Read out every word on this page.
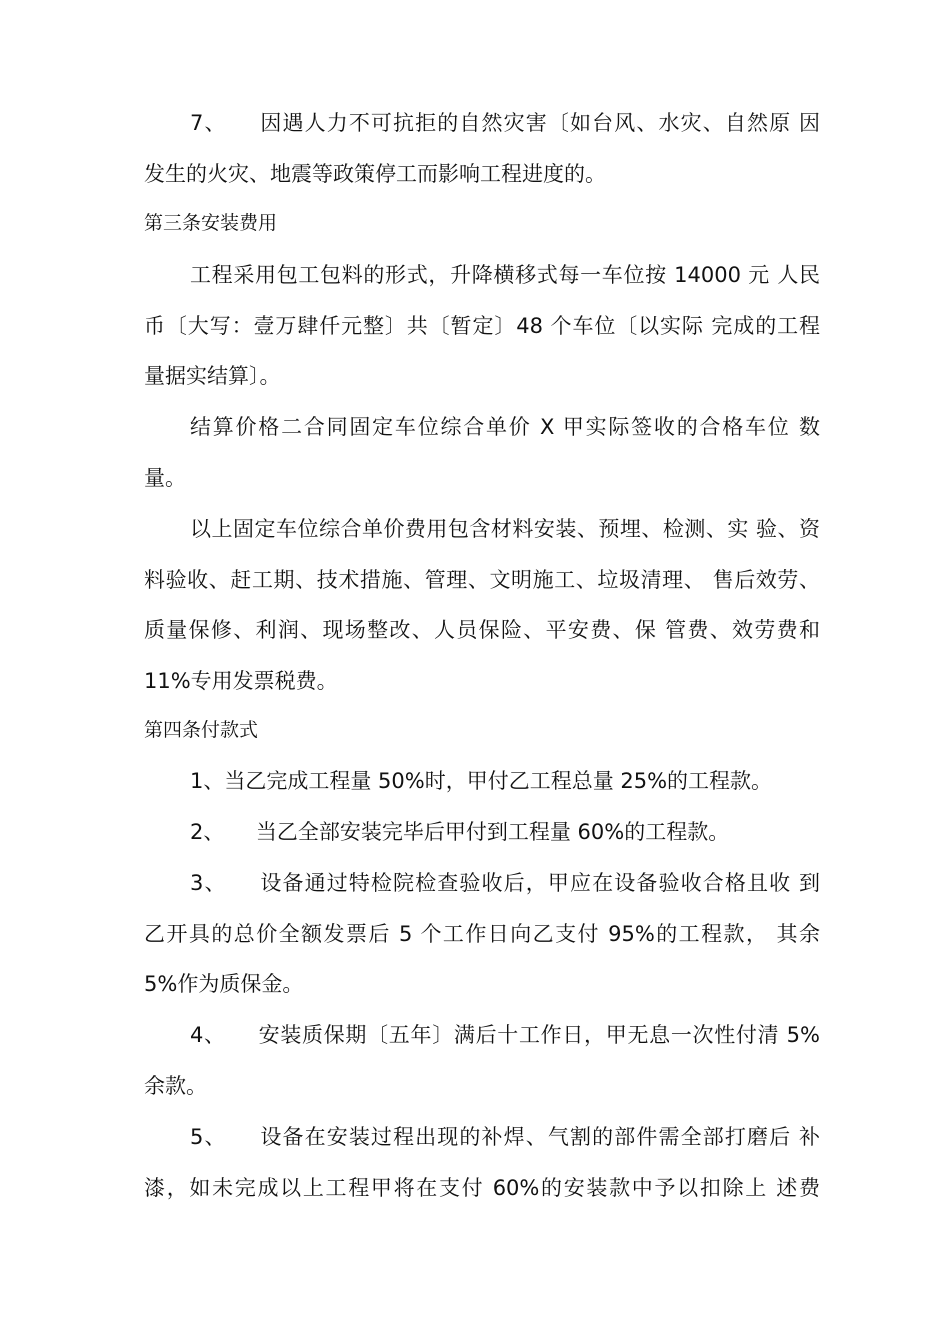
7、　　因遇人力不可抗拒的自然灾害〔如台风、水灾、自然原 因
发生的火灾、地震等政策停工而影响工程进度的。
第三条安装费用
工程采用包工包料的形式，升降横移式每一车位按 14000 元 人民
币〔大写：壹万肆仟元整〕共〔暂定〕48 个车位〔以实际 完成的工程
量据实结算〕。
结算价格二合同固定车位综合单价 X 甲实际签收的合格车位 数
量。
以上固定车位综合单价费用包含材料安装、预埋、检测、实 验、资
料验收、赶工期、技术措施、管理、文明施工、垃圾清理、 售后效劳、
质量保修、利润、现场整改、人员保险、平安费、保 管费、效劳费和
11%专用发票税费。
第四条付款式
1、当乙完成工程量 50%时，甲付乙工程总量 25%的工程款。
2、　　当乙全部安装完毕后甲付到工程量 60%的工程款。
3、　　设备通过特检院检查验收后，甲应在设备验收合格且收 到
乙开具的总价全额发票后 5 个工作日向乙支付 95%的工程款， 其余
5%作为质保金。
4、　　安装质保期〔五年〕满后十工作日，甲无息一次性付清 5%
余款。
5、　　设备在安装过程出现的补焊、气割的部件需全部打磨后 补
漆，如未完成以上工程甲将在支付 60%的安装款中予以扣除上 述费
